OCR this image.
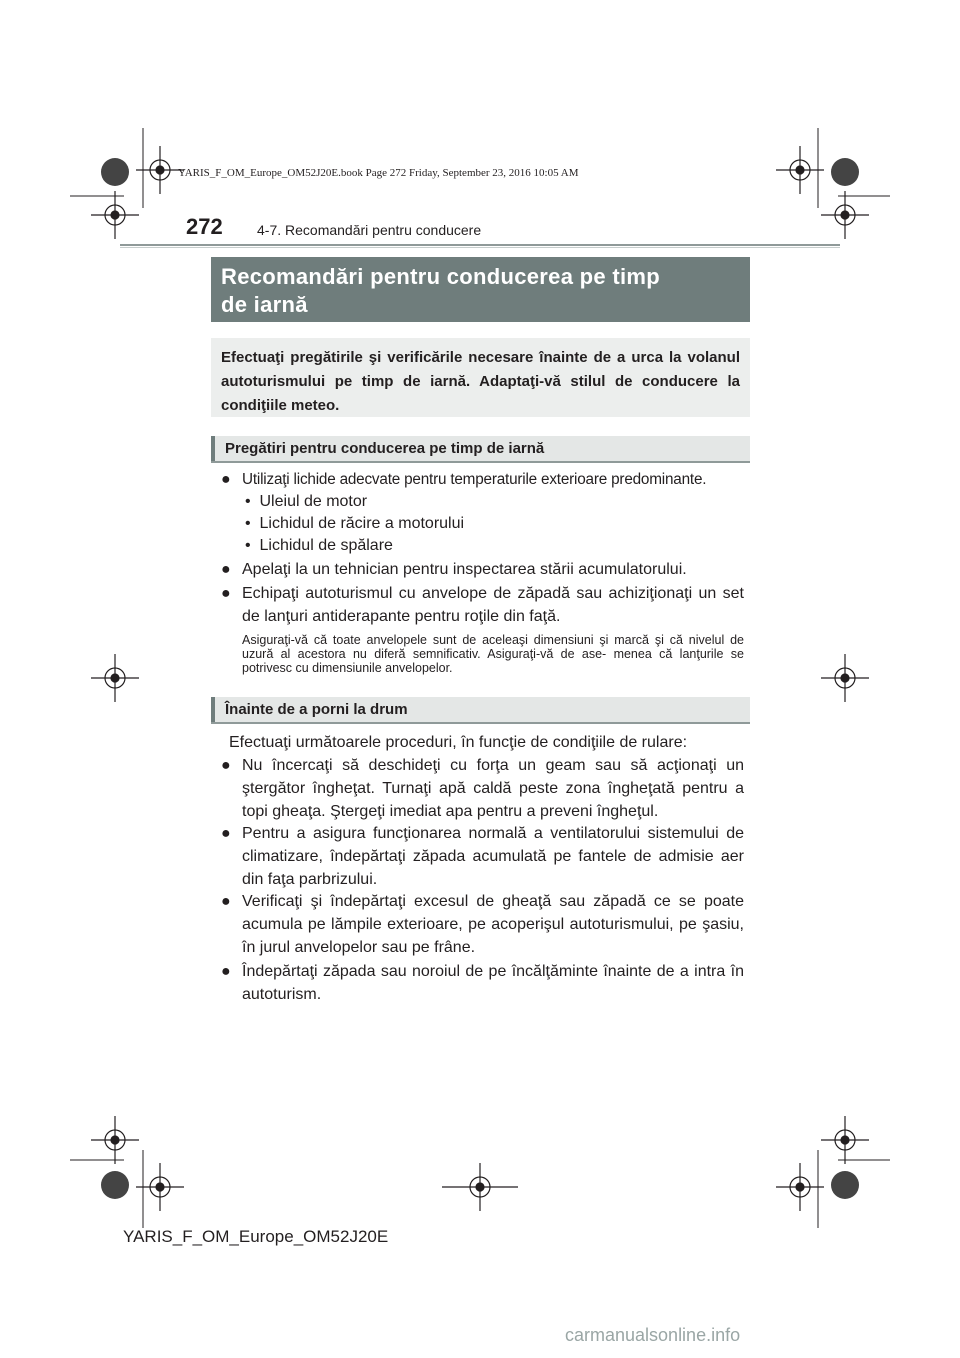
YARIS_F_OM_Europe_OM52J20E.book Page 272 Friday, September 23, 2016 10:05 AM
272 4-7. Recomandări pentru conducere
Recomandări pentru conducerea pe timp
de iarnă

Efectuaţi pregătirile şi verificările necesare înainte de a urca la volanul autoturismului pe timp de iarnă. Adaptaţi-vă stilul de conducere la condiţiile meteo.

Pregătiri pentru conducerea pe timp de iarnă
● Utilizaţi lichide adecvate pentru temperaturile exterioare predominante.
• Uleiul de motor
• Lichidul de răcire a motorului
• Lichidul de spălare
● Apelaţi la un tehnician pentru inspectarea stării acumulatorului.
● Echipaţi autoturismul cu anvelope de zăpadă sau achiziţionaţi un set de lanţuri antiderapante pentru roţile din faţă.
Asiguraţi-vă că toate anvelopele sunt de aceleaşi dimensiuni şi marcă şi că nivelul de uzură al acestora nu diferă semnificativ. Asiguraţi-vă de ase- menea că lanţurile se potrivesc cu dimensiunile anvelopelor.
Înainte de a porni la drum
Efectuaţi următoarele proceduri, în funcţie de condiţiile de rulare:
● Nu încercaţi să deschideţi cu forţa un geam sau să acţionaţi un ştergător îngheţat. Turnaţi apă caldă peste zona îngheţată pentru a topi gheaţa. Ştergeţi imediat apa pentru a preveni îngheţul.
● Pentru a asigura funcţionarea normală a ventilatorului sistemului de climatizare, îndepărtaţi zăpada acumulată pe fantele de admisie aer din faţa parbrizului.
● Verificaţi şi îndepărtaţi excesul de gheaţă sau zăpadă ce se poate acumula pe lămpile exterioare, pe acoperişul autoturismului, pe şasiu, în jurul anvelopelor sau pe frâne.
● Îndepărtaţi zăpada sau noroiul de pe încălţăminte înainte de a intra în autoturism.
YARIS_F_OM_Europe_OM52J20E
carmanualsonline.info
